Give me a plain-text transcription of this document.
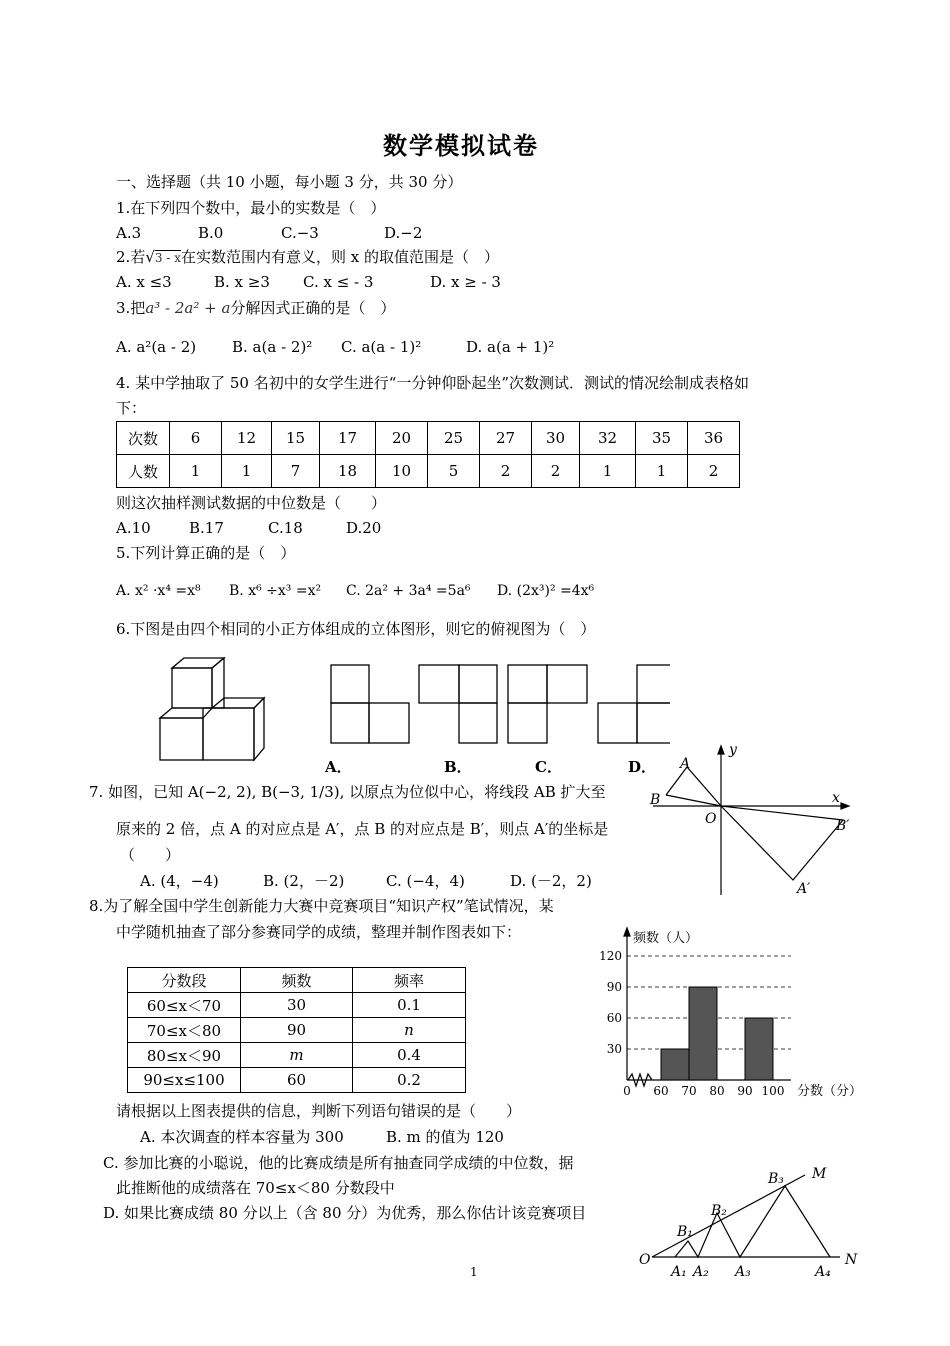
数学模拟试卷
一、选择题（共 10 小题，每小题 3 分，共 30 分）
1.在下列四个数中，最小的实数是（　）
A.3	B.0	C.−3	D.−2
2.若√3 - x在实数范围内有意义，则 x 的取值范围是（　）
A. x ≤3	B. x ≥3 C. x ≤ - 3	D. x ≥ - 3
3.把a³ - 2a² + a分解因式正确的是（　）
A. a²(a - 2) B. a(a - 2)² C. a(a - 1)²	D. a(a + 1)²
4. 某中学抽取了 50 名初中的女学生进行“一分钟仰卧起坐”次数测试．测试的情况绘制成表格如
下：
次数	6	12	15	17	20	25	27	30	32	35	36
人数	1	1	7	18	10	5	2	2	1	1	2
则这次抽样测试数据的中位数是（　　）
A.10	B.17	C.18	D.20
5.下列计算正确的是（　）
A. x² ·x⁴ =x⁸ B. x⁶ ÷x³ =x² C. 2a² + 3a⁴ =5a⁶ D. (2x³)² =4x⁶
6.下图是由四个相同的小正方体组成的立体图形，则它的俯视图为（　）
A．	B．	C．	D．
7. 如图，已知 A(−2, 2), B(−3, 1/3), 以原点为位似中心，将线段 AB 扩大至
原来的 2 倍，点 A 的对应点是 A′，点 B 的对应点是 B′，则点 A′的坐标是
（　　）
A. (4，−4)	B. (2，－2)	C. (−4，4)	D. (－2，2)
y
x
O
A
B
B′
A′
8.为了解全国中学生创新能力大赛中竞赛项目“知识产权”笔试情况，某
中学随机抽查了部分参赛同学的成绩，整理并制作图表如下：
分数段	频数	频率
60≤x＜70	30	0.1
70≤x＜80	90	n
80≤x＜90	m	0.4
90≤x≤100	60	0.2
频数（人）
分数（分）
30
60
90
120
0 60 70 80 90 100
请根据以上图表提供的信息，判断下列语句错误的是（　　）
A. 本次调查的样本容量为 300	B. m 的值为 120
C. 参加比赛的小聪说，他的比赛成绩是所有抽查同学成绩的中位数，据
此推断他的成绩落在 70≤x＜80 分数段中
D. 如果比赛成绩 80 分以上（含 80 分）为优秀，那么你估计该竞赛项目
O	N
M
B₁
B₂
B₃
A₁ A₂ A₃	A₄
1
